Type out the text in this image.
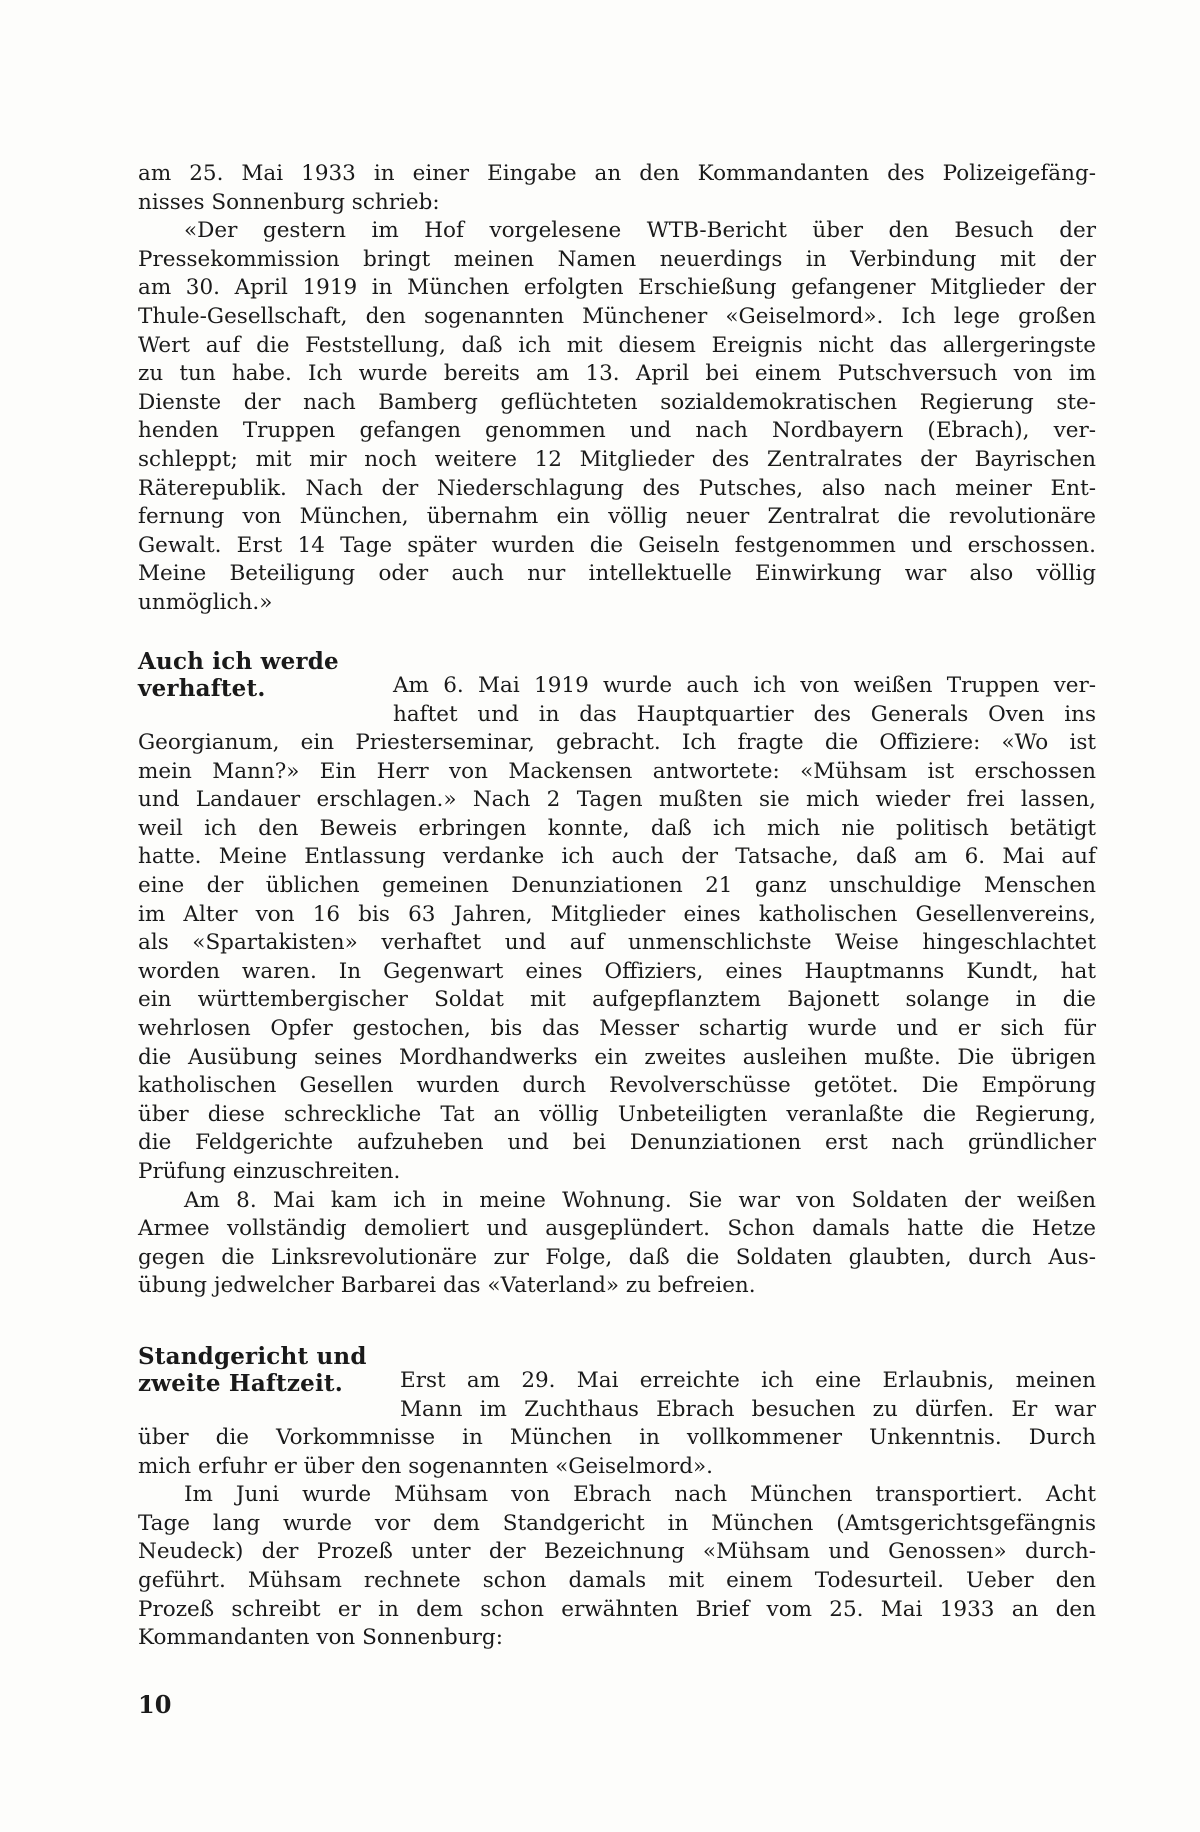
am 25. Mai 1933 in einer Eingabe an den Kommandanten des Polizeigefäng-
nisses Sonnenburg schrieb:
«Der gestern im Hof vorgelesene WTB-Bericht über den Besuch der
Pressekommission bringt meinen Namen neuerdings in Verbindung mit der
am 30. April 1919 in München erfolgten Erschießung gefangener Mitglieder der
Thule-Gesellschaft, den sogenannten Münchener «Geiselmord». Ich lege großen
Wert auf die Feststellung, daß ich mit diesem Ereignis nicht das allergeringste
zu tun habe. Ich wurde bereits am 13. April bei einem Putschversuch von im
Dienste der nach Bamberg geflüchteten sozialdemokratischen Regierung ste-
henden Truppen gefangen genommen und nach Nordbayern (Ebrach), ver-
schleppt; mit mir noch weitere 12 Mitglieder des Zentralrates der Bayrischen
Räterepublik. Nach der Niederschlagung des Putsches, also nach meiner Ent-
fernung von München, übernahm ein völlig neuer Zentralrat die revolutionäre
Gewalt. Erst 14 Tage später wurden die Geiseln festgenommen und erschossen.
Meine Beteiligung oder auch nur intellektuelle Einwirkung war also völlig
unmöglich.»
Auch ich werde
verhaftet.	Am 6. Mai 1919 wurde auch ich von weißen Truppen ver-
haftet und in das Hauptquartier des Generals Oven ins
Georgianum, ein Priesterseminar, gebracht. Ich fragte die Offiziere: «Wo ist
mein Mann?» Ein Herr von Mackensen antwortete: «Mühsam ist erschossen
und Landauer erschlagen.» Nach 2 Tagen mußten sie mich wieder frei lassen,
weil ich den Beweis erbringen konnte, daß ich mich nie politisch betätigt
hatte. Meine Entlassung verdanke ich auch der Tatsache, daß am 6. Mai auf
eine der üblichen gemeinen Denunziationen 21 ganz unschuldige Menschen
im Alter von 16 bis 63 Jahren, Mitglieder eines katholischen Gesellenvereins,
als «Spartakisten» verhaftet und auf unmenschlichste Weise hingeschlachtet
worden waren. In Gegenwart eines Offiziers, eines Hauptmanns Kundt, hat
ein württembergischer Soldat mit aufgepflanztem Bajonett solange in die
wehrlosen Opfer gestochen, bis das Messer schartig wurde und er sich für
die Ausübung seines Mordhandwerks ein zweites ausleihen mußte. Die übrigen
katholischen Gesellen wurden durch Revolverschüsse getötet. Die Empörung
über diese schreckliche Tat an völlig Unbeteiligten veranlaßte die Regierung,
die Feldgerichte aufzuheben und bei Denunziationen erst nach gründlicher
Prüfung einzuschreiten.
Am 8. Mai kam ich in meine Wohnung. Sie war von Soldaten der weißen
Armee vollständig demoliert und ausgeplündert. Schon damals hatte die Hetze
gegen die Linksrevolutionäre zur Folge, daß die Soldaten glaubten, durch Aus-
übung jedwelcher Barbarei das «Vaterland» zu befreien.
Standgericht und
zweite Haftzeit.	Erst am 29. Mai erreichte ich eine Erlaubnis, meinen
Mann im Zuchthaus Ebrach besuchen zu dürfen. Er war
über die Vorkommnisse in München in vollkommener Unkenntnis. Durch
mich erfuhr er über den sogenannten «Geiselmord».
Im Juni wurde Mühsam von Ebrach nach München transportiert. Acht
Tage lang wurde vor dem Standgericht in München (Amtsgerichtsgefängnis
Neudeck) der Prozeß unter der Bezeichnung «Mühsam und Genossen» durch-
geführt. Mühsam rechnete schon damals mit einem Todesurteil. Ueber den
Prozeß schreibt er in dem schon erwähnten Brief vom 25. Mai 1933 an den
Kommandanten von Sonnenburg:
10
